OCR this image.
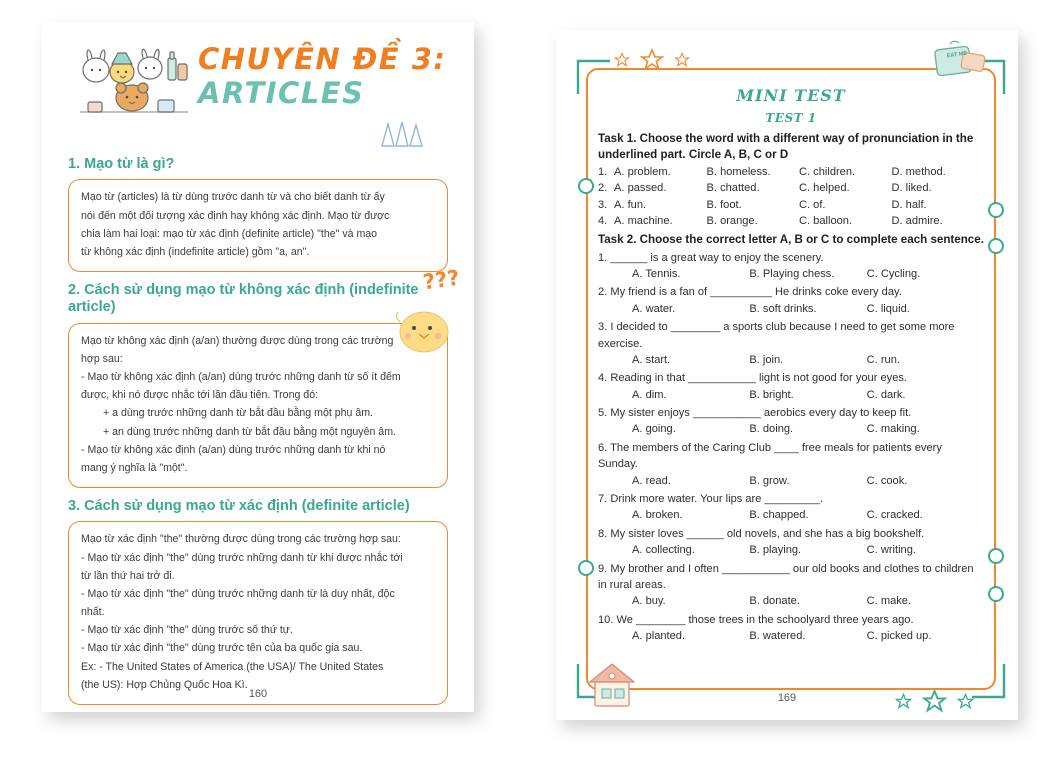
CHUYÊN ĐỀ 3:
ARTICLES
1. Mạo từ là gì?

Mạo từ (articles) là từ dùng trước danh từ và cho biết danh từ ấy

nói đến một đối tượng xác định hay không xác định. Mạo từ được

chia làm hai loại: mạo từ xác định (definite article) "the" và mạo

từ không xác định (indefinite article) gồm "a, an".

2. Cách sử dụng mạo từ không xác định (indefinite article)

Mạo từ không xác định (a/an) thường được dùng trong các trường

hợp sau:

- Mạo từ không xác định (a/an) dùng trước những danh từ số ít đếm

được, khi nó được nhắc tới lần đầu tiên. Trong đó:

+ a dùng trước những danh từ bắt đầu bằng một phụ âm.

+ an dùng trước những danh từ bắt đầu bằng một nguyên âm.

- Mạo từ không xác định (a/an) dùng trước những danh từ khi nó

mang ý nghĩa là "một".

3. Cách sử dụng mạo từ xác định (definite article)

Mạo từ xác định "the" thường được dùng trong các trường hợp sau:

- Mạo từ xác định "the" dùng trước những danh từ khi được nhắc tới

từ lần thứ hai trở đi.

- Mạo từ xác định "the" dùng trước những danh từ là duy nhất, độc

nhất.

- Mạo từ xác định "the" dùng trước số thứ tự.

- Mạo từ xác định "the" dùng trước tên của ba quốc gia sau.

Ex: - The United States of America (the USA)/ The United States

(the US): Hợp Chủng Quốc Hoa Kì.

???
160
EAT ME
MINI TEST
TEST 1
Task 1. Choose the word with a different way of pronunciation in the underlined part. Circle A, B, C or D
1. A. problem.	B. homeless.	C. children.	D. method.
2. A. passed.	B. chatted.	C. helped.	D. liked.
3. A. fun.	B. foot.	C. of.	D. half.
4. A. machine.	B. orange.	C. balloon.	D. admire.
Task 2. Choose the correct letter A, B or C to complete each sentence.
1. ______ is a great way to enjoy the scenery.
A. Tennis.	B. Playing chess.	C. Cycling.
2. My friend is a fan of __________ He drinks coke every day.
A. water.	B. soft drinks.	C. liquid.
3. I decided to ________ a sports club because I need to get some more exercise.
A. start.	B. join.	C. run.
4. Reading in that ___________ light is not good for your eyes.
A. dim.	B. bright.	C. dark.
5. My sister enjoys ___________ aerobics every day to keep fit.
A. going.	B. doing.	C. making.
6. The members of the Caring Club ____ free meals for patients every Sunday.
A. read.	B. grow.	C. cook.
7. Drink more water. Your lips are _________.
A. broken.	B. chapped.	C. cracked.
8. My sister loves ______ old novels, and she has a big bookshelf.
A. collecting.	B. playing.	C. writing.
9. My brother and I often ___________ our old books and clothes to children in rural areas.
A. buy.	B. donate.	C. make.
10. We ________ those trees in the schoolyard three years ago.
A. planted.	B. watered.	C. picked up.
169
